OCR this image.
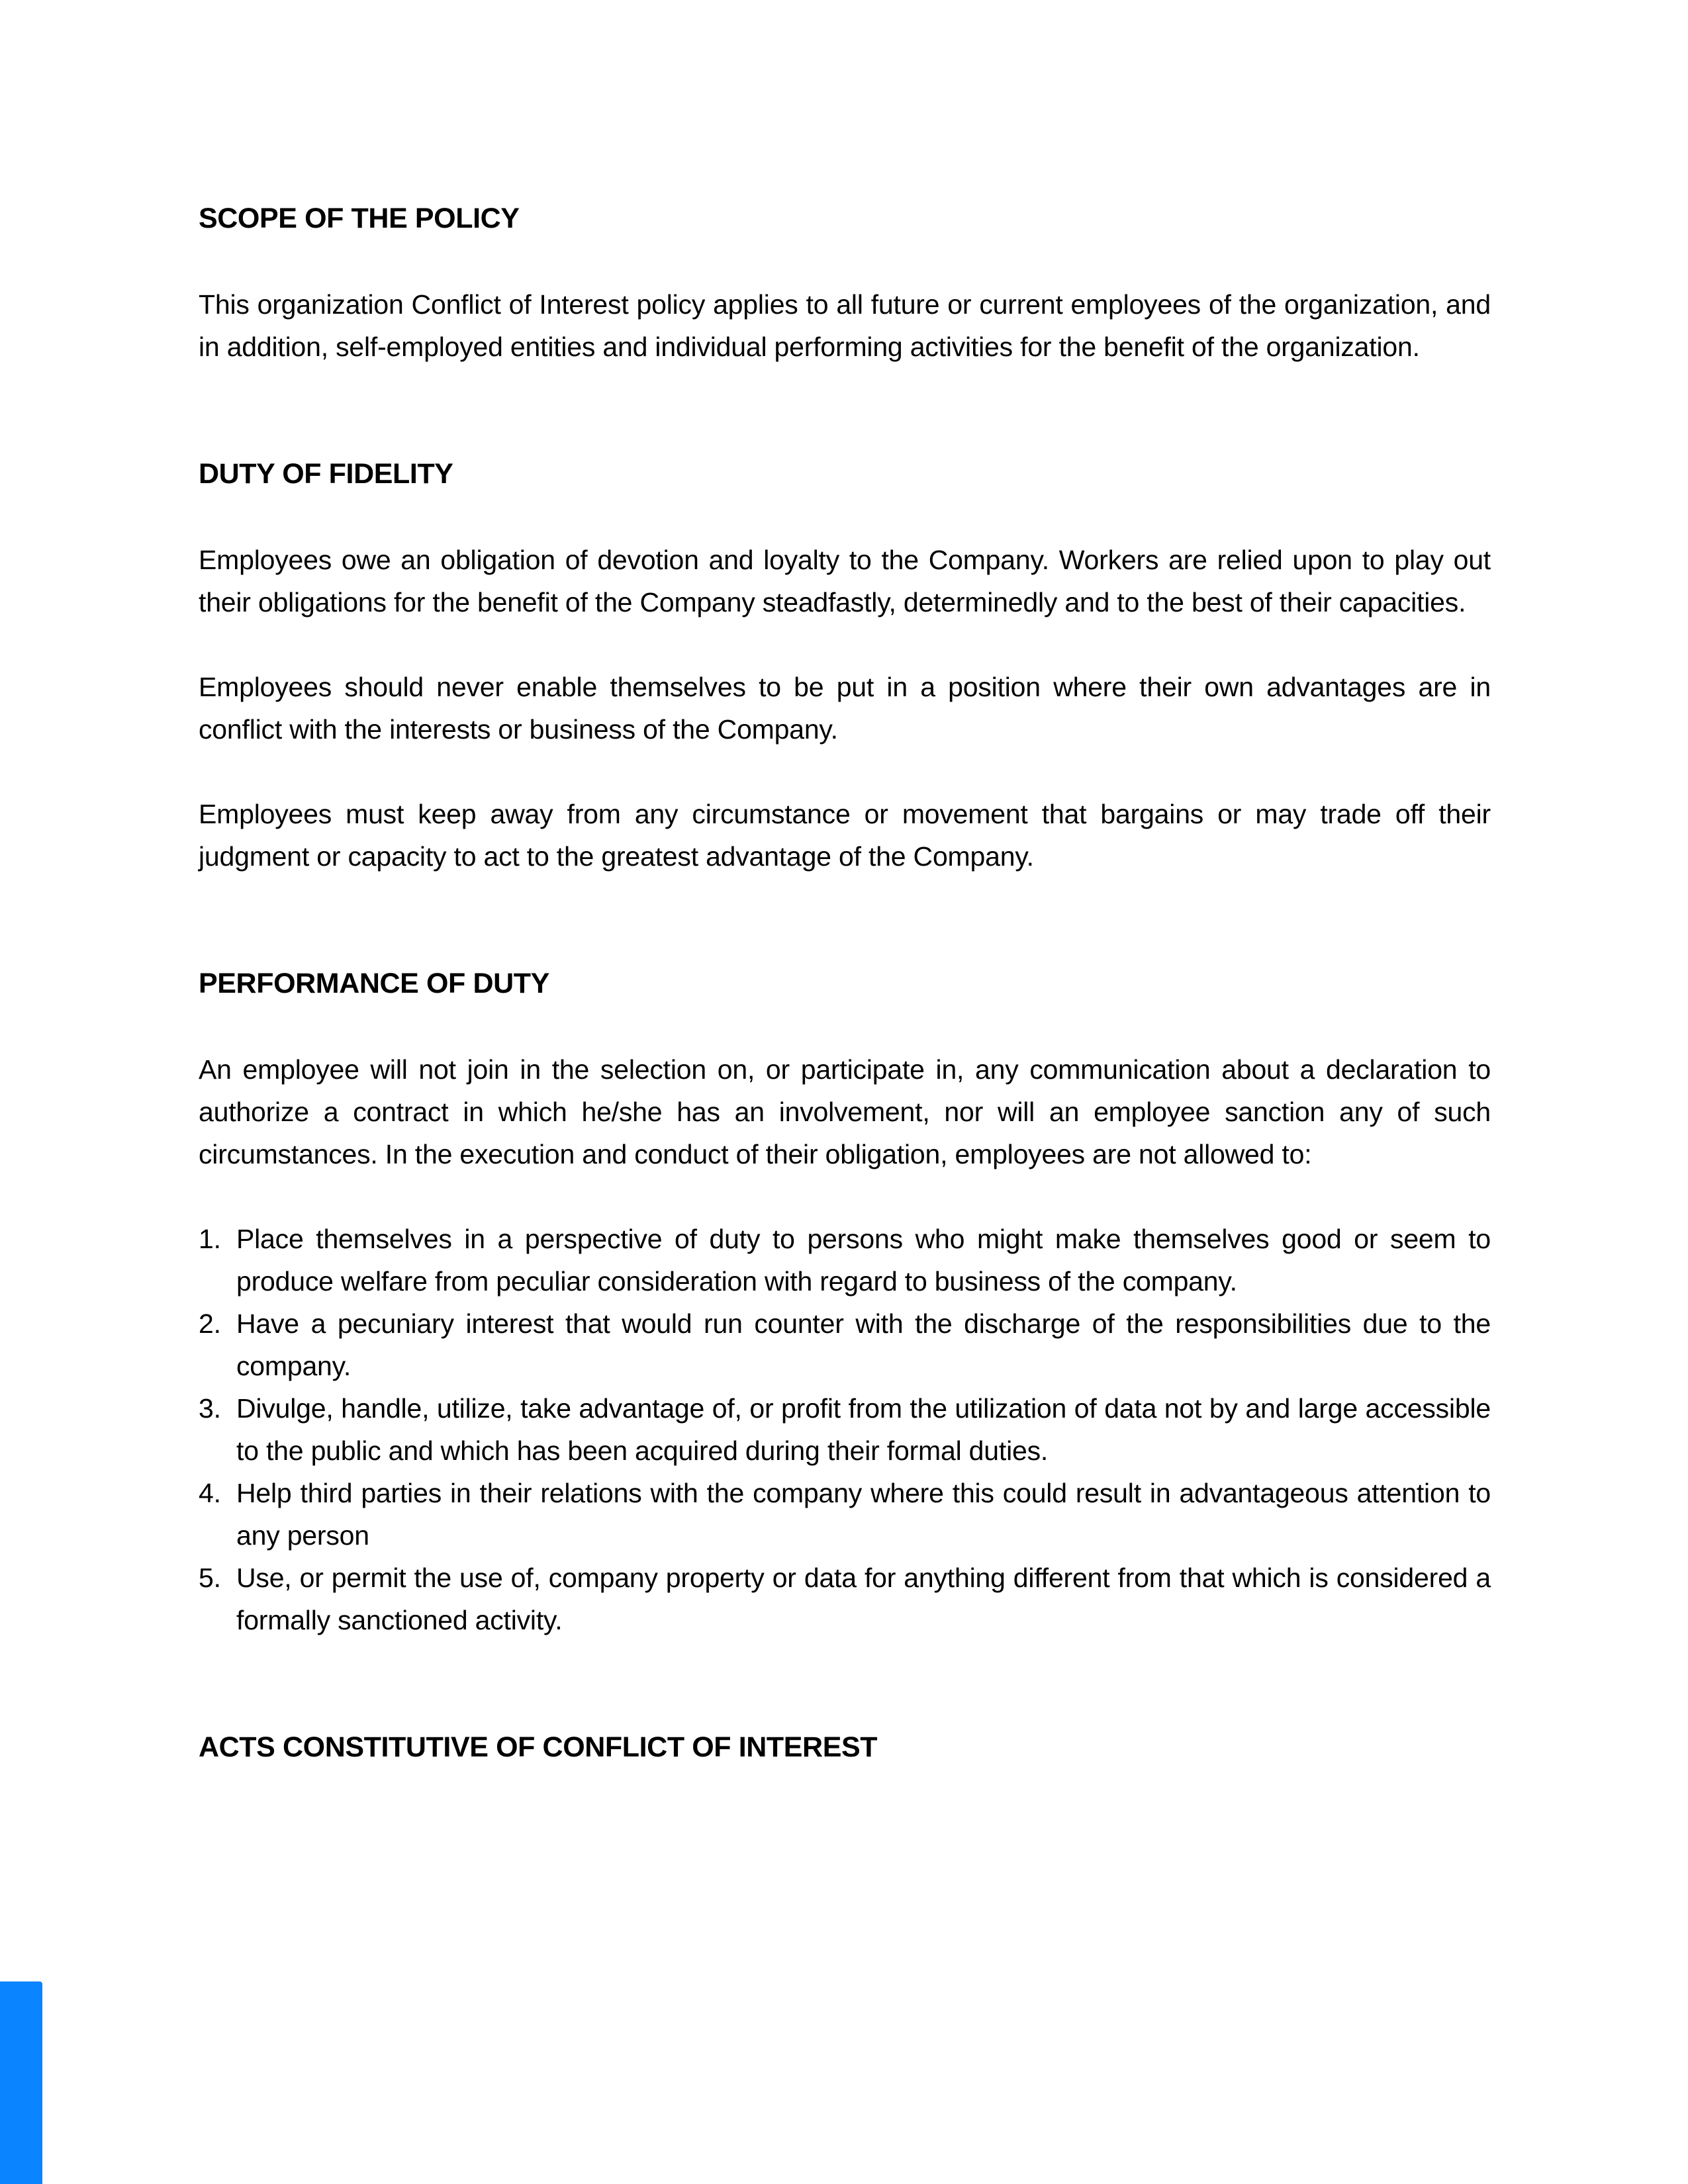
SCOPE OF THE POLICY

This organization Conflict of Interest policy applies to all future or current employees of the organization, and in addition, self-employed entities and individual performing activities for the benefit of the organization.

DUTY OF FIDELITY

Employees owe an obligation of devotion and loyalty to the Company. Workers are relied upon to play out their obligations for the benefit of the Company steadfastly, determinedly and to the best of their capacities.

Employees should never enable themselves to be put in a position where their own advantages are in conflict with the interests or business of the Company.

Employees must keep away from any circumstance or movement that bargains or may trade off their judgment or capacity to act to the greatest advantage of the Company.

PERFORMANCE OF DUTY

An employee will not join in the selection on, or participate in, any communication about a declaration to authorize a contract in which he/she has an involvement, nor will an employee sanction any of such circumstances. In the execution and conduct of their obligation, employees are not allowed to:

1. Place themselves in a perspective of duty to persons who might make themselves good or seem to produce welfare from peculiar consideration with regard to business of the company.
2. Have a pecuniary interest that would run counter with the discharge of the responsibilities due to the company.
3. Divulge, handle, utilize, take advantage of, or profit from the utilization of data not by and large accessible to the public and which has been acquired during their formal duties.
4. Help third parties in their relations with the company where this could result in advantageous attention to any person
5. Use, or permit the use of, company property or data for anything different from that which is considered a formally sanctioned activity.
ACTS CONSTITUTIVE OF CONFLICT OF INTEREST
